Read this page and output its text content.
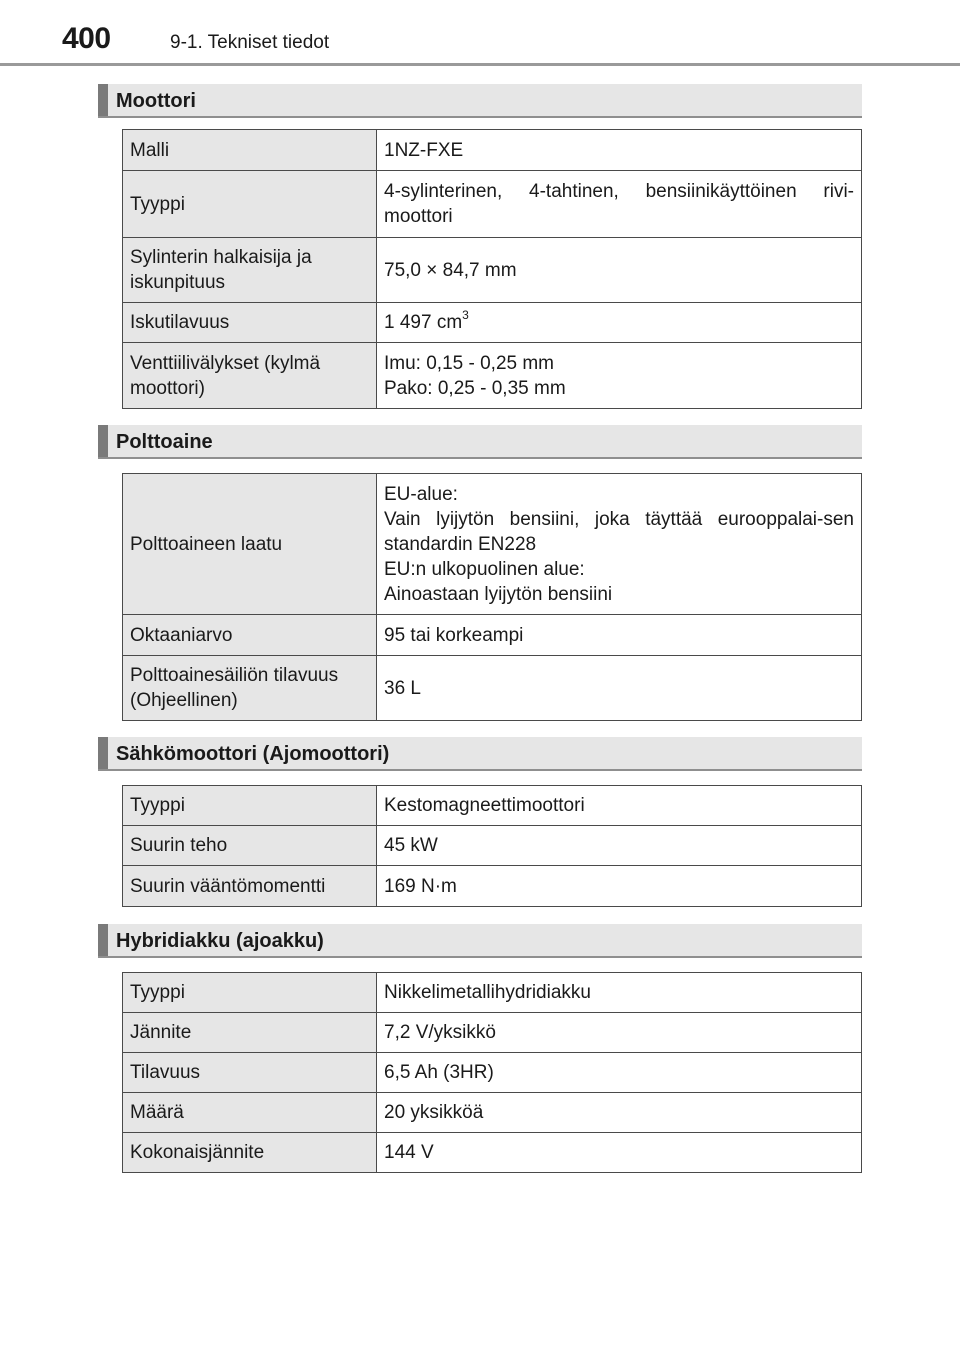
400	9-1. Tekniset tiedot
Moottori
Malli	1NZ-FXE
Tyyppi	4-sylinterinen, 4-tahtinen, bensiinikäyttöinen rivi-moottori
Sylinterin halkaisija ja iskunpituus	75,0 × 84,7 mm
Iskutilavuus	1 497 $cm^3$
Venttiilivälykset (kylmä moottori)	Imu: 0,15 - 0,25 mm
Pako: 0,25 - 0,35 mm
Polttoaine
Polttoaineen laatu	EU-alue:
Vain lyijytön bensiini, joka täyttää eurooppalai-sen standardin EN228
EU:n ulkopuolinen alue:
Ainoastaan lyijytön bensiini

Oktaaniarvo	95 tai korkeampi
Polttoainesäiliön tilavuus (Ohjeellinen)	36 L
Sähkömoottori (Ajomoottori)
Tyyppi	Kestomagneettimoottori
Suurin teho	45 kW
Suurin vääntömomentti	169 N·m
Hybridiakku (ajoakku)
Tyyppi	Nikkelimetallihydridiakku
Jännite	7,2 V/yksikkö
Tilavuus	6,5 Ah (3HR)
Määrä	20 yksikköä
Kokonaisjännite	144 V
